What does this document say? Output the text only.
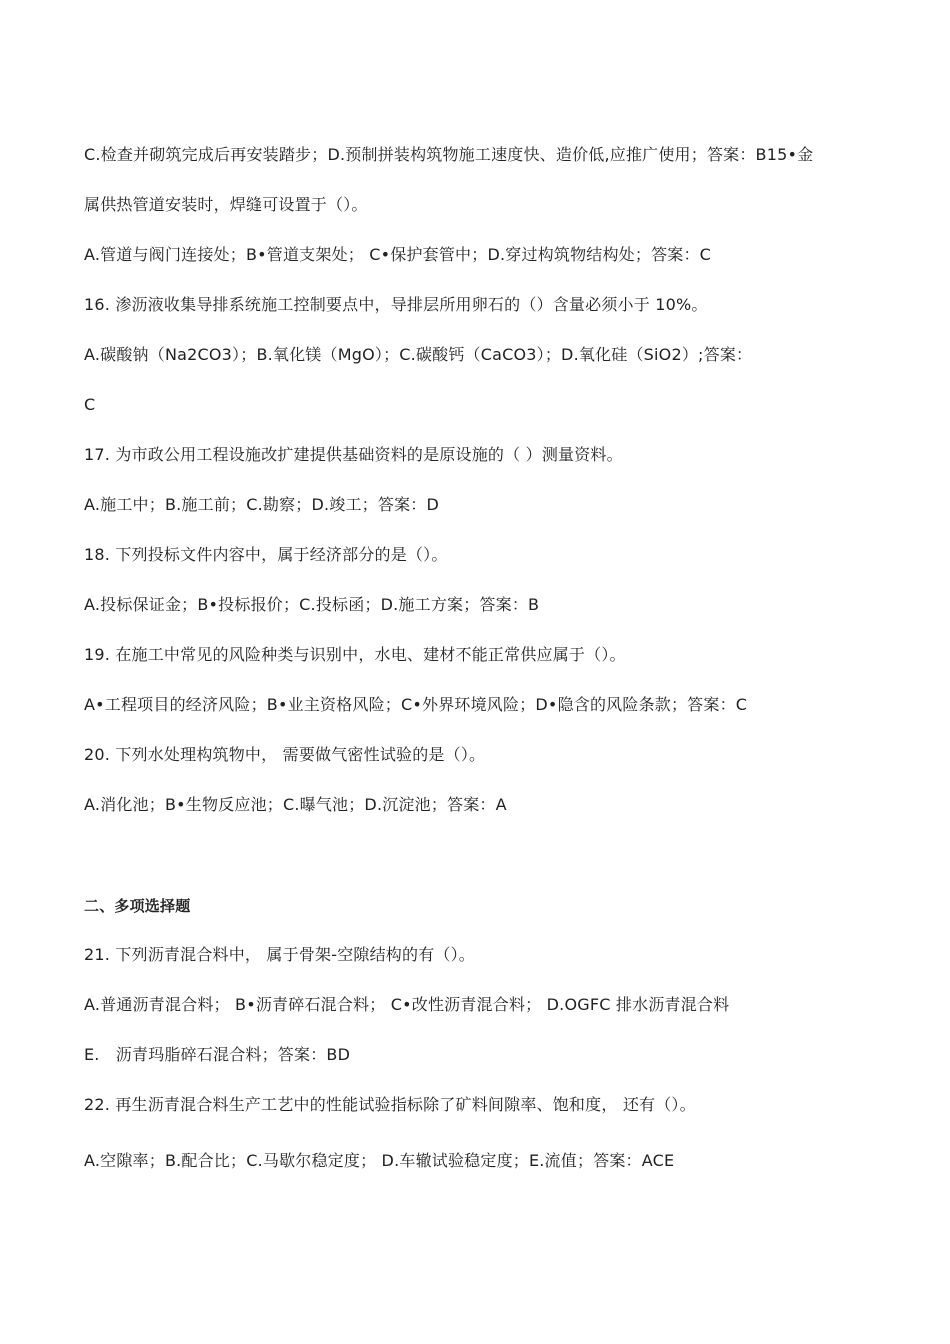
C.检查并砌筑完成后再安装踏步；D.预制拼装构筑物施工速度快、造价低,应推广使用；答案：B15•金
属供热管道安装时，焊缝可设置于（）。
A.管道与阀门连接处；B•管道支架处； C•保护套管中；D.穿过构筑物结构处；答案：C
16. 渗沥液收集导排系统施工控制要点中，导排层所用卵石的（）含量必须小于 10%。
A.碳酸钠（Na2CO3）；B.氧化镁（MgO）；C.碳酸钙（CaCO3）；D.氧化硅（SiO2）;答案：
C
17. 为市政公用工程设施改扩建提供基础资料的是原设施的（ ）测量资料。
A.施工中；B.施工前；C.勘察；D.竣工；答案：D
18. 下列投标文件内容中，属于经济部分的是（）。
A.投标保证金；B•投标报价；C.投标函；D.施工方案；答案：B
19. 在施工中常见的风险种类与识别中，水电、建材不能正常供应属于（）。
A•工程项目的经济风险；B•业主资格风险；C•外界环境风险；D•隐含的风险条款；答案：C
20. 下列水处理构筑物中， 需要做气密性试验的是（）。
A.消化池；B•生物反应池；C.曝气池；D.沉淀池；答案：A
二、多项选择题
21. 下列沥青混合料中， 属于骨架-空隙结构的有（）。
A.普通沥青混合料； B•沥青碎石混合料； C•改性沥青混合料； D.OGFC 排水沥青混合料
E.　沥青玛脂碎石混合料；答案：BD
22. 再生沥青混合料生产工艺中的性能试验指标除了矿料间隙率、饱和度， 还有（）。
A.空隙率；B.配合比；C.马歇尔稳定度； D.车辙试验稳定度；E.流值；答案：ACE
